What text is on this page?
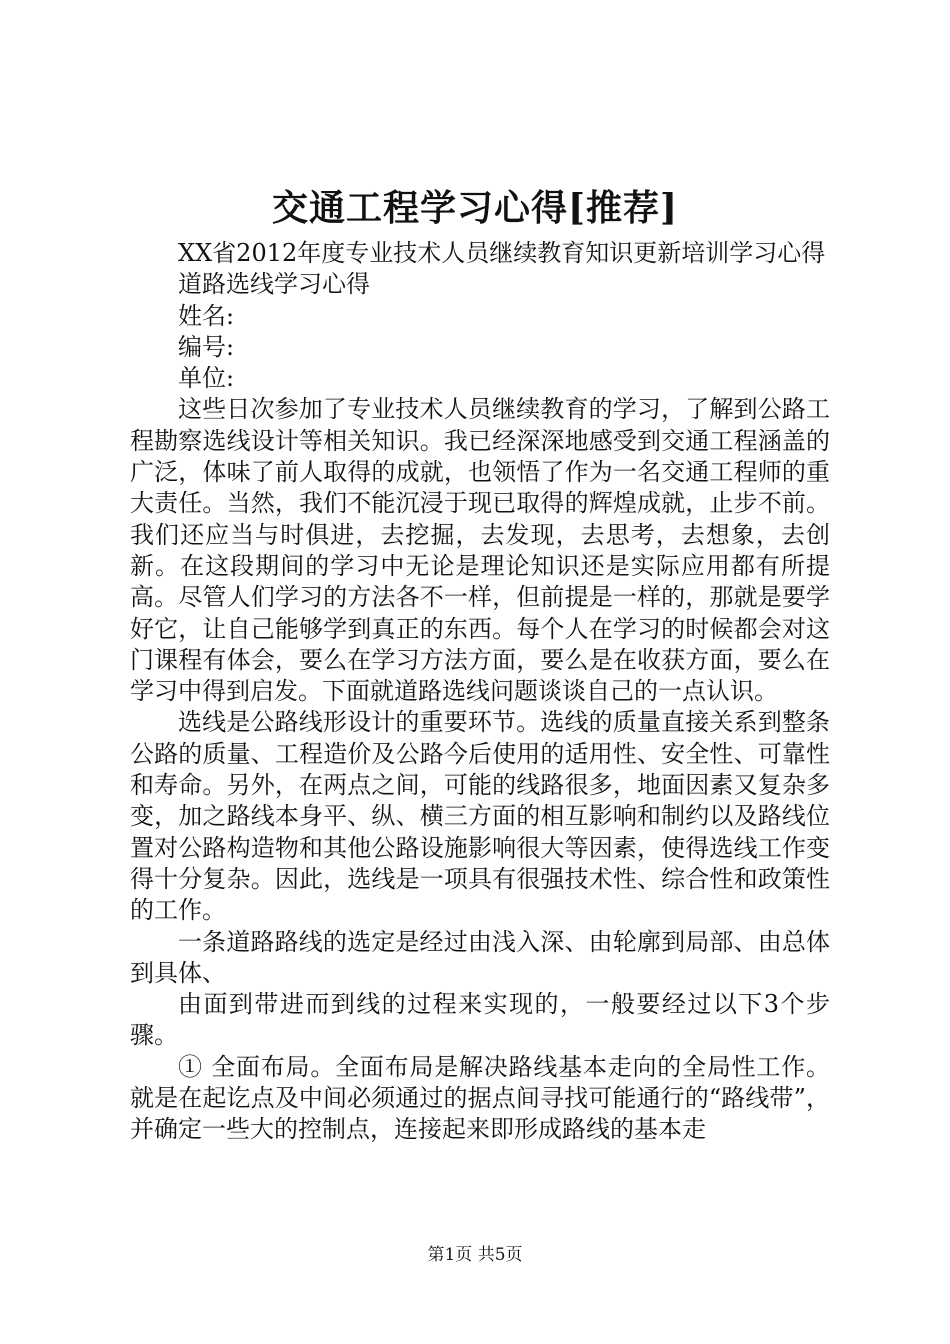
交通工程学习心得[推荐]

XX省2012年度专业技术人员继续教育知识更新培训学习心得

道路选线学习心得

姓名:

编号:

单位:

这些日次参加了专业技术人员继续教育的学习，了解到公路工程勘察选线设计等相关知识。我已经深深地感受到交通工程涵盖的广泛，体味了前人取得的成就，也领悟了作为一名交通工程师的重大责任。当然，我们不能沉浸于现已取得的辉煌成就，止步不前。我们还应当与时俱进，去挖掘，去发现，去思考，去想象，去创新。在这段期间的学习中无论是理论知识还是实际应用都有所提高。尽管人们学习的方法各不一样，但前提是一样的，那就是要学好它，让自己能够学到真正的东西。每个人在学习的时候都会对这门课程有体会，要么在学习方法方面，要么是在收获方面，要么在学习中得到启发。下面就道路选线问题谈谈自己的一点认识。

选线是公路线形设计的重要环节。选线的质量直接关系到整条公路的质量、工程造价及公路今后使用的适用性、安全性、可靠性和寿命。另外，在两点之间，可能的线路很多，地面因素又复杂多变，加之路线本身平、纵、横三方面的相互影响和制约以及路线位置对公路构造物和其他公路设施影响很大等因素，使得选线工作变得十分复杂。因此，选线是一项具有很强技术性、综合性和政策性的工作。

一条道路路线的选定是经过由浅入深、由轮廓到局部、由总体到具体、

由面到带进而到线的过程来实现的，一般要经过以下3个步骤。

① 全面布局。全面布局是解决路线基本走向的全局性工作。就是在起讫点及中间必须通过的据点间寻找可能通行的“路线带”，并确定一些大的控制点，连接起来即形成路线的基本走

第1页 共5页
